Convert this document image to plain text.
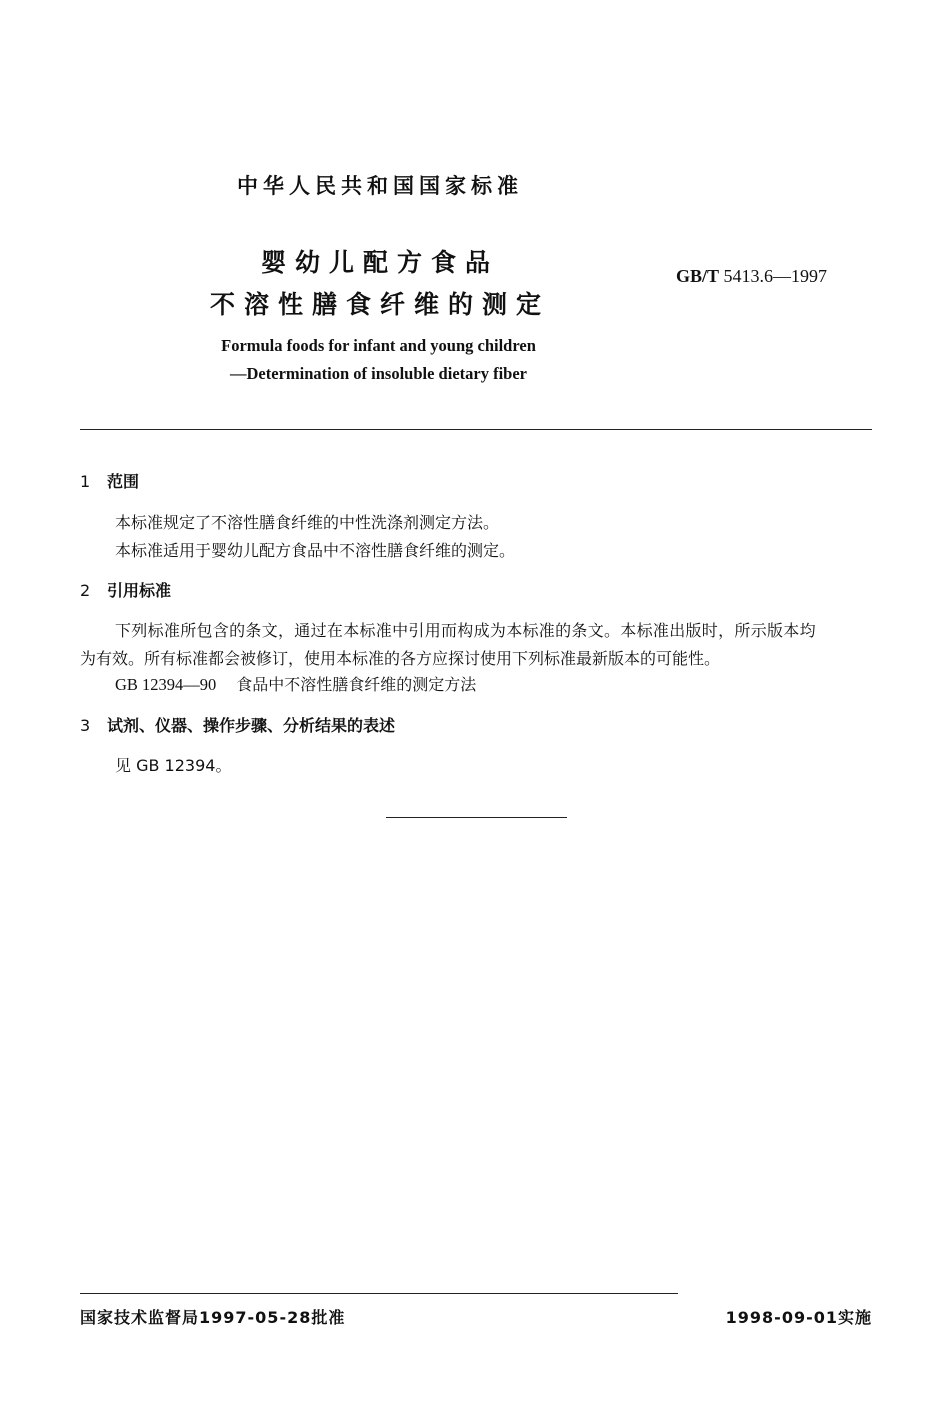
中华人民共和国国家标准
婴幼儿配方食品
不溶性膳食纤维的测定
GB/T 5413.6—1997
Formula foods for infant and young children
—Determination of insoluble dietary fiber
1 范围
本标准规定了不溶性膳食纤维的中性洗涤剂测定方法。
本标准适用于婴幼儿配方食品中不溶性膳食纤维的测定。
2 引用标准
下列标准所包含的条文，通过在本标准中引用而构成为本标准的条文。本标准出版时，所示版本均
为有效。所有标准都会被修订，使用本标准的各方应探讨使用下列标准最新版本的可能性。
GB 12394—90 食品中不溶性膳食纤维的测定方法
3 试剂、仪器、操作步骤、分析结果的表述
见 GB 12394。
国家技术监督局1997-05-28批准	1998-09-01实施
